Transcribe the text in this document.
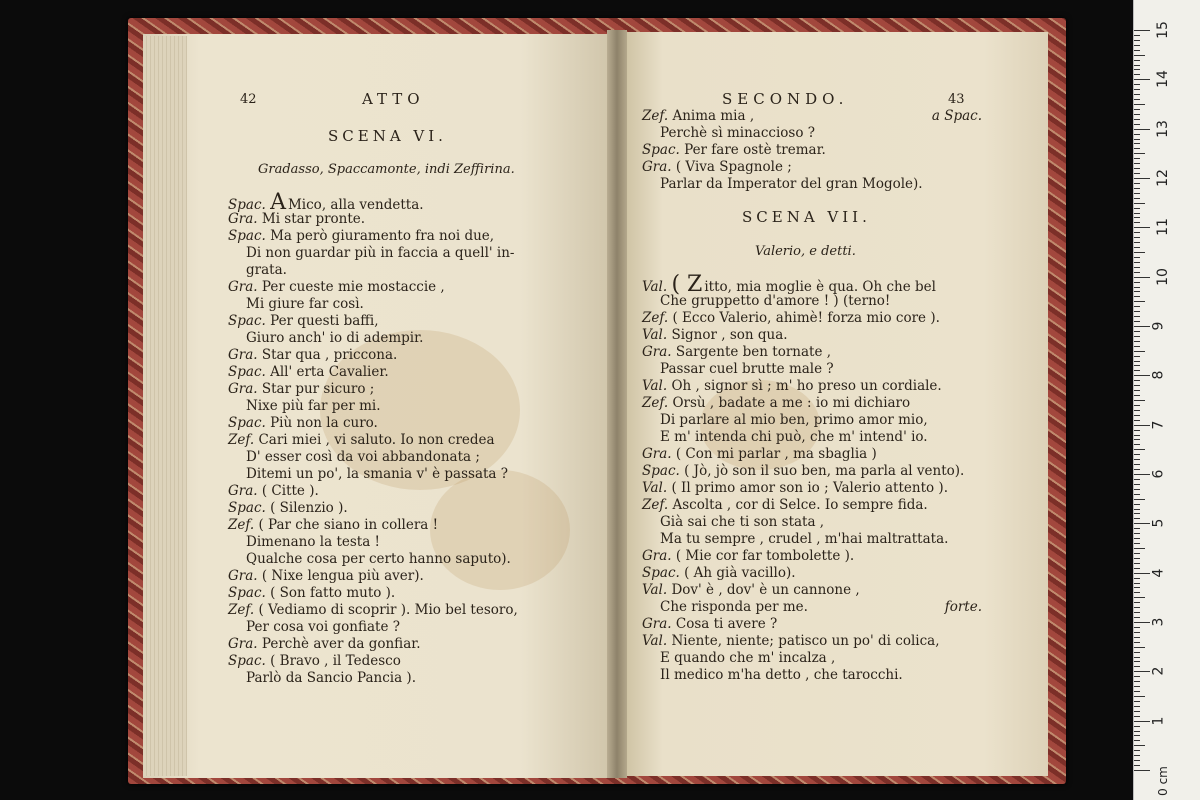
42	ATTO
SCENA VI.
Gradasso, Spaccamonte, indi Zeffirina.
Spac. A Mico, alla vendetta.
Gra. Mi star pronte.
Spac. Ma però giuramento fra noi due,
Di non guardar più in faccia a quell' in-
grata.
Gra. Per cueste mie mostaccie ,
Mi giure far così.
Spac. Per questi baffi,
Giuro anch' io di adempir.
Gra. Star qua , priccona.
Spac. All' erta Cavalier.
Gra. Star pur sicuro ;
Nixe più far per mi.
Spac. Più non la curo.
Zef. Cari miei , vi saluto. Io non credea
D' esser così da voi abbandonata ;
Ditemi un po', la smania v' è passata ?
Gra. ( Citte ).
Spac. ( Silenzio ).
Zef. ( Par che siano in collera !
Dimenano la testa !
Qualche cosa per certo hanno saputo).
Gra. ( Nixe lengua più aver).
Spac. ( Son fatto muto ).
Zef. ( Vediamo di scoprir ). Mio bel tesoro,
Per cosa voi gonfiate ?
Gra. Perchè aver da gonfiar.
Spac. ( Bravo , il Tedesco
Parlò da Sancio Pancia ).
SECONDO.	43
Zef. Anima mia ,	a Spac.
Perchè sì minaccioso ?
Spac. Per fare ostè tremar.
Gra. ( Viva Spagnole ;
Parlar da Imperator del gran Mogole).
SCENA VII.
Valerio, e detti.
Val. ( Z itto, mia moglie è qua. Oh che bel
Che gruppetto d'amore ! ) (terno!
Zef. ( Ecco Valerio, ahimè! forza mio core ).
Val. Signor , son qua.
Gra. Sargente ben tornate ,
Passar cuel brutte male ?
Val. Oh , signor sì ; m' ho preso un cordiale.
Zef. Orsù , badate a me : io mi dichiaro
Di parlare al mio ben, primo amor mio,
E m' intenda chi può, che m' intend' io.
Gra. ( Con mi parlar , ma sbaglia )
Spac. ( Jò, jò son il suo ben, ma parla al vento).
Val. ( Il primo amor son io ; Valerio attento ).
Zef. Ascolta , cor di Selce. Io sempre fida.
Già sai che ti son stata ,
Ma tu sempre , crudel , m'hai maltrattata.
Gra. ( Mie cor far tombolette ).
Spac. ( Ah già vacillo).
Val. Dov' è , dov' è un cannone ,
Che risponda per me.	forte.
Gra. Cosa ti avere ?
Val. Niente, niente; patisco un po' di colica,
E quando che m' incalza ,
Il medico m'ha detto , che tarocchi.
15
14
13
12
11
10
9
8
7
6
5
4
3
2
1
0 cm
